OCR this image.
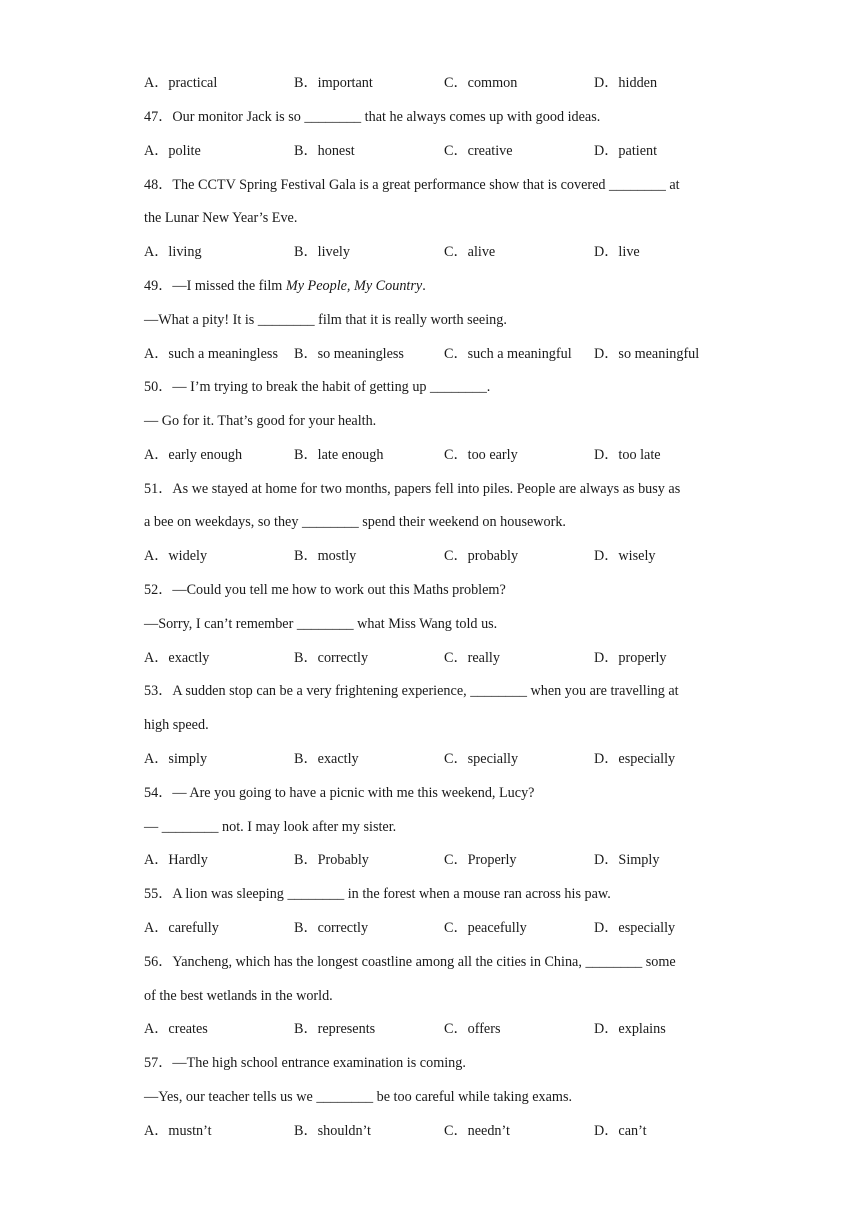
A．practical	B．important	C．common	D．hidden
47．Our monitor Jack is so ________ that he always comes up with good ideas.
A．polite	B．honest	C．creative	D．patient
48．The CCTV Spring Festival Gala is a great performance show that is covered ________ at
the Lunar New Year’s Eve.
A．living	B．lively	C．alive	D．live
49．—I missed the film My People, My Country.
—What a pity! It is ________ film that it is really worth seeing.
A．such a meaningless B．so meaningless	C．such a meaningful D．so meaningful
50．— I’m trying to break the habit of getting up ________.
— Go for it. That’s good for your health.
A．early enough	B．late enough	C．too early	D．too late
51．As we stayed at home for two months, papers fell into piles. People are always as busy as
a bee on weekdays, so they ________ spend their weekend on housework.
A．widely	B．mostly	C．probably	D．wisely
52．—Could you tell me how to work out this Maths problem?
—Sorry, I can’t remember ________ what Miss Wang told us.
A．exactly	B．correctly	C．really	D．properly
53．A sudden stop can be a very frightening experience, ________ when you are travelling at
high speed.
A．simply	B．exactly	C．specially	D．especially
54．— Are you going to have a picnic with me this weekend, Lucy?
— ________ not. I may look after my sister.
A．Hardly	B．Probably	C．Properly	D．Simply
55．A lion was sleeping ________ in the forest when a mouse ran across his paw.
A．carefully	B．correctly	C．peacefully	D．especially
56．Yancheng, which has the longest coastline among all the cities in China, ________ some
of the best wetlands in the world.
A．creates	B．represents	C．offers	D．explains
57．—The high school entrance examination is coming.
—Yes, our teacher tells us we ________ be too careful while taking exams.
A．mustn’t	B．shouldn’t	C．needn’t	D．can’t
